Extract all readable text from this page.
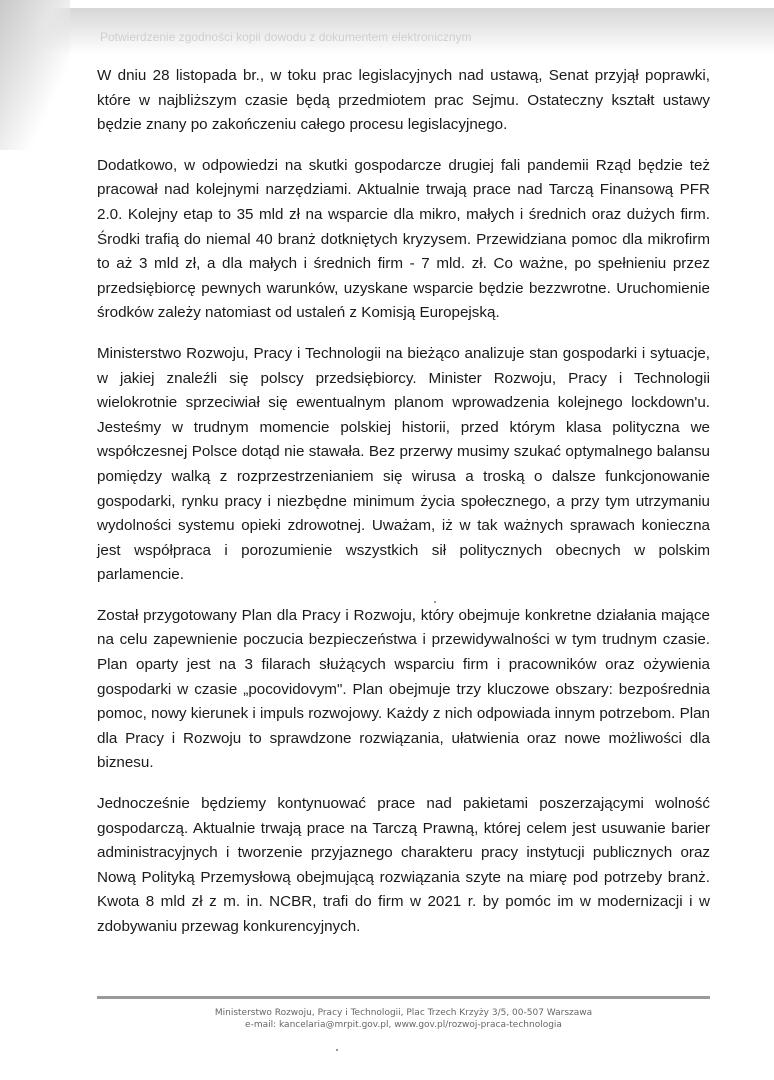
Potwierdzenie zgodności kopii dowodu z dokumentem elektronicznym

W dniu 28 listopada br., w toku prac legislacyjnych nad ustawą, Senat przyjął poprawki, które w najbliższym czasie będą przedmiotem prac Sejmu. Ostateczny kształt ustawy będzie znany po zakończeniu całego procesu legislacyjnego.

Dodatkowo, w odpowiedzi na skutki gospodarcze drugiej fali pandemii Rząd będzie też pracował nad kolejnymi narzędziami. Aktualnie trwają prace nad Tarczą Finansową PFR 2.0. Kolejny etap to 35 mld zł na wsparcie dla mikro, małych i średnich oraz dużych firm. Środki trafią do niemal 40 branż dotkniętych kryzysem. Przewidziana pomoc dla mikrofirm to aż 3 mld zł, a dla małych i średnich firm - 7 mld. zł. Co ważne, po spełnieniu przez przedsiębiorcę pewnych warunków, uzyskane wsparcie będzie bezzwrotne. Uruchomienie środków zależy natomiast od ustaleń z Komisją Europejską.

Ministerstwo Rozwoju, Pracy i Technologii na bieżąco analizuje stan gospodarki i sytuacje, w jakiej znaleźli się polscy przedsiębiorcy. Minister Rozwoju, Pracy i Technologii wielokrotnie sprzeciwiał się ewentualnym planom wprowadzenia kolejnego lockdown'u. Jesteśmy w trudnym momencie polskiej historii, przed którym klasa polityczna we współczesnej Polsce dotąd nie stawała. Bez przerwy musimy szukać optymalnego balansu pomiędzy walką z rozprzestrzenianiem się wirusa a troską o dalsze funkcjonowanie gospodarki, rynku pracy i niezbędne minimum życia społecznego, a przy tym utrzymaniu wydolności systemu opieki zdrowotnej. Uważam, iż w tak ważnych sprawach konieczna jest współpraca i porozumienie wszystkich sił politycznych obecnych w polskim parlamencie.

Został przygotowany Plan dla Pracy i Rozwoju, który obejmuje konkretne działania mające na celu zapewnienie poczucia bezpieczeństwa i przewidywalności w tym trudnym czasie. Plan oparty jest na 3 filarach służących wsparciu firm i pracowników oraz ożywienia gospodarki w czasie „pocovidovym". Plan obejmuje trzy kluczowe obszary: bezpośrednia pomoc, nowy kierunek i impuls rozwojowy. Każdy z nich odpowiada innym potrzebom. Plan dla Pracy i Rozwoju to sprawdzone rozwiązania, ułatwienia oraz nowe możliwości dla biznesu.

Jednocześnie będziemy kontynuować prace nad pakietami poszerzającymi wolność gospodarczą. Aktualnie trwają prace na Tarczą Prawną, której celem jest usuwanie barier administracyjnych i tworzenie przyjaznego charakteru pracy instytucji publicznych oraz Nową Polityką Przemysłową obejmującą rozwiązania szyte na miarę pod potrzeby branż. Kwota 8 mld zł z m. in. NCBR, trafi do firm w 2021 r. by pomóc im w modernizacji i w zdobywaniu przewag konkurencyjnych.

Ministerstwo Rozwoju, Pracy i Technologii, Plac Trzech Krzyży 3/5, 00-507 Warszawa
e-mail: kancelaria@mrpit.gov.pl, www.gov.pl/rozwoj-praca-technologia
